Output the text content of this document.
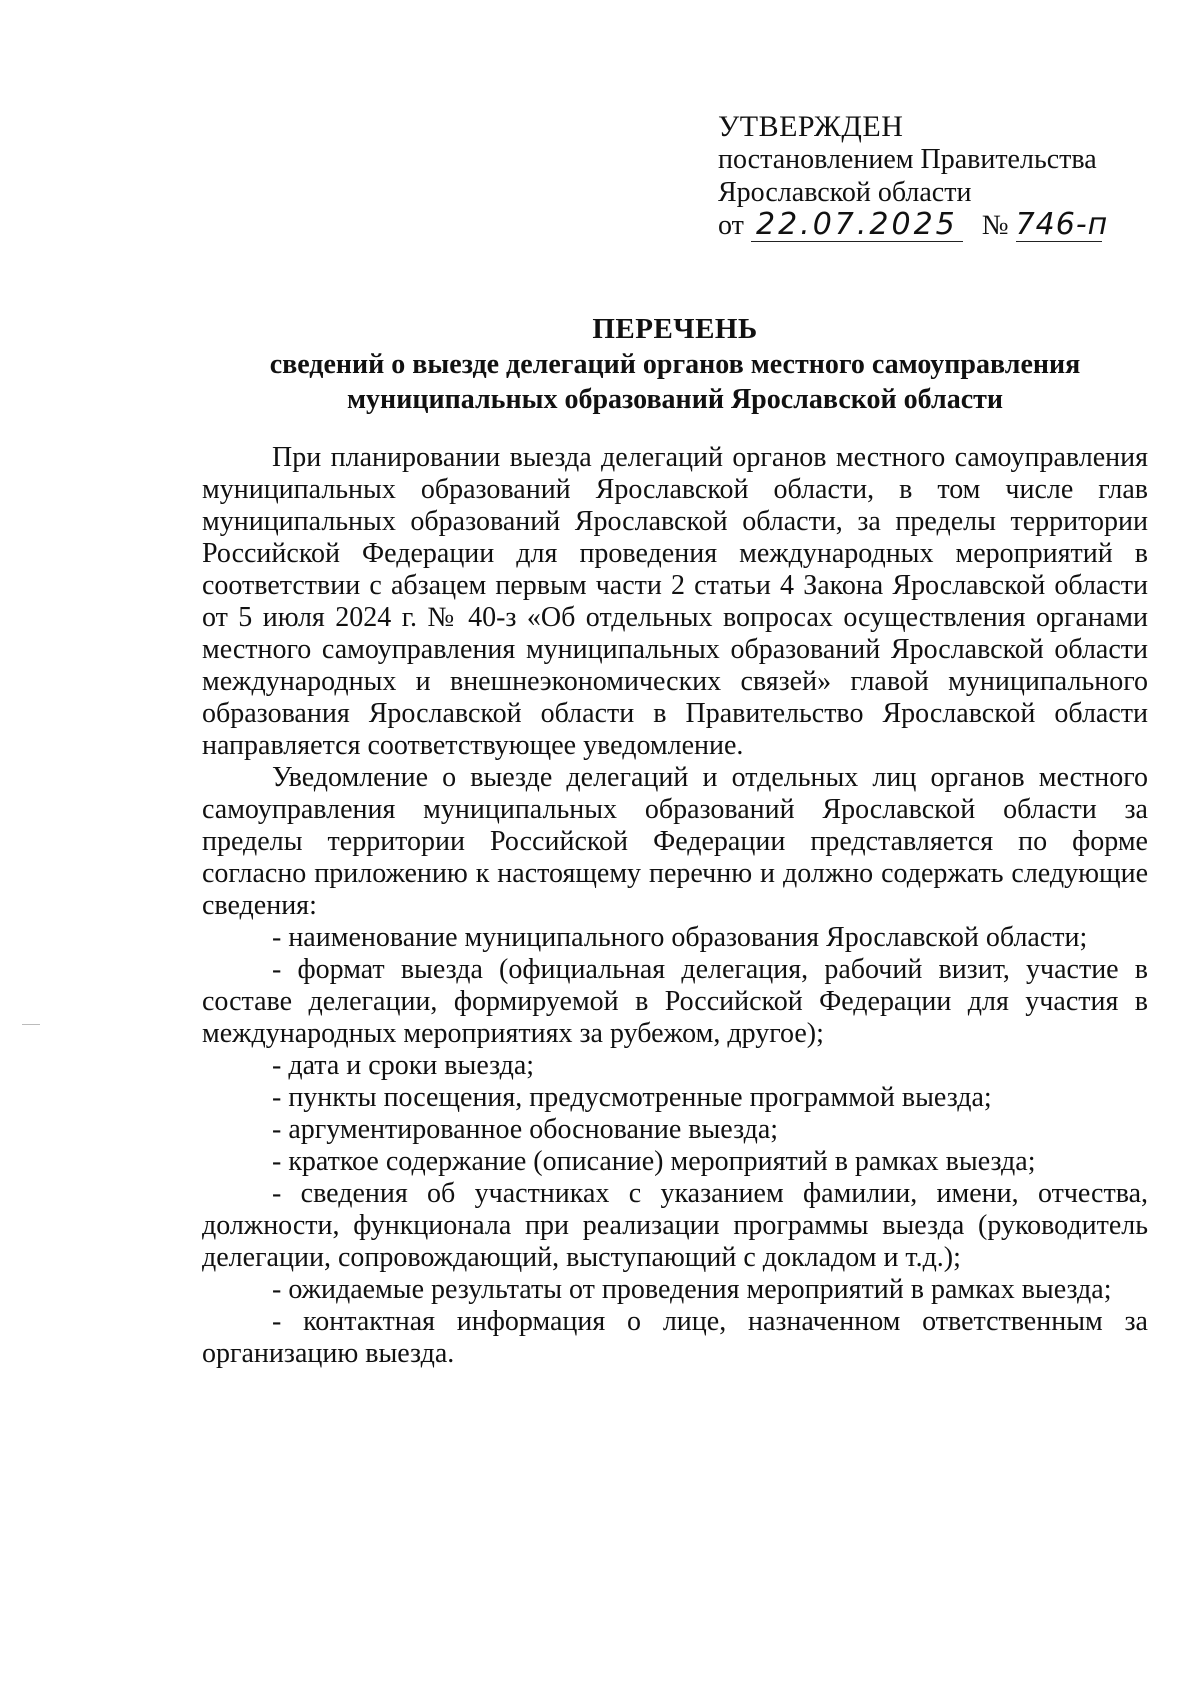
УТВЕРЖДЕН
постановлением Правительства
Ярославской области
от 22.07.2025 № 746-п
ПЕРЕЧЕНЬ
сведений о выезде делегаций органов местного самоуправления
муниципальных образований Ярославской области

При планировании выезда делегаций органов местного самоуправления муниципальных образований Ярославской области, в том числе глав муниципальных образований Ярославской области, за пределы территории Российской Федерации для проведения международных мероприятий в соответствии с абзацем первым части 2 статьи 4 Закона Ярославской области от 5 июля 2024 г. № 40-з «Об отдельных вопросах осуществления органами местного самоуправления муниципальных образований Ярославской области международных и внешнеэкономических связей» главой муниципального образования Ярославской области в Правительство Ярославской области направляется соответствующее уведомление.

Уведомление о выезде делегаций и отдельных лиц органов местного самоуправления муниципальных образований Ярославской области за пределы территории Российской Федерации представляется по форме согласно приложению к настоящему перечню и должно содержать следующие сведения:

- наименование муниципального образования Ярославской области;
- формат выезда (официальная делегация, рабочий визит, участие в составе делегации, формируемой в Российской Федерации для участия в международных мероприятиях за рубежом, другое);
- дата и сроки выезда;
- пункты посещения, предусмотренные программой выезда;
- аргументированное обоснование выезда;
- краткое содержание (описание) мероприятий в рамках выезда;
- сведения об участниках с указанием фамилии, имени, отчества, должности, функционала при реализации программы выезда (руководитель делегации, сопровождающий, выступающий с докладом и т.д.);
- ожидаемые результаты от проведения мероприятий в рамках выезда;
- контактная информация о лице, назначенном ответственным за организацию выезда.
